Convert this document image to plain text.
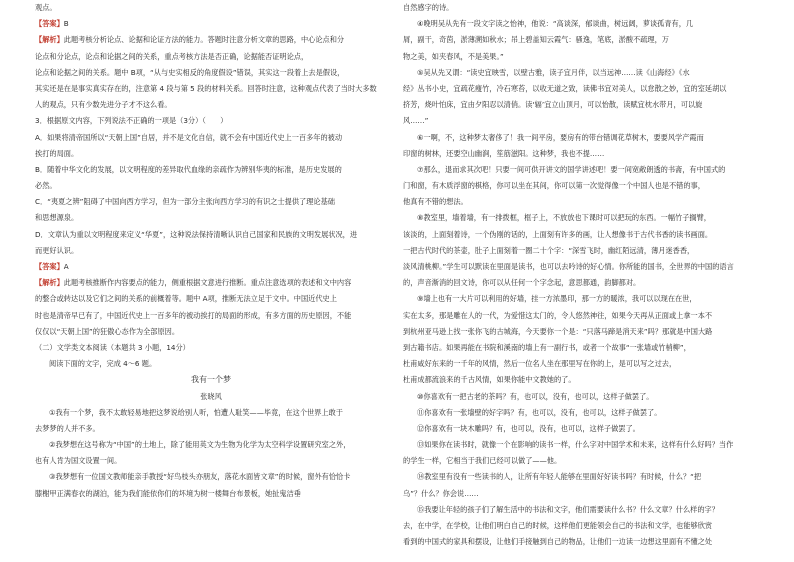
观点。
【答案】B
【解析】此题考核分析论点、论据和论证方法的能力。答题时注意分析文章的思路，中心论点和分
论点和分论点，论点和论据之间的关系，重点考核方法是否正确，论据能否证明论点，
论点和论据之间的关系。题中 B项，“从与史实相反的角度假设”错误，其实这一段着上去是假设，
其实还是在是事实真实存在的，注意第 4 段与第 5 段的材料关系。回答时注意，这种观点代表了当时大多数
人的观点，只有少数先进分子才不这么看。
3．根据原文内容，下列说法不正确的一项是（3分）（　　）
A．如果将清帝国所以“天朝上国”自居，并不是文化自信，就不会有中国近代史上一百多年的被动
挨打的局面。
B．随着中华文化的发展，以文明程度的差异取代血缘的亲疏作为辨别华夷的标准，是历史发展的
必然。
C．“夷夏之辨”阻碍了中国向西方学习，但为一部分主张向西方学习的有识之士提供了理论基础
和思想源泉。
D．文章认为重以文明程度来定义“华夏”，这种说法保持清晰认识自己国家和民族的文明发展状况，进
而更好认识。
【答案】A
【解析】此题考核推断作内容要点的能力，侧重根据文意进行推断。重点注意选项的表述和文中内容
的整合或转达以及它们之间的关系的前概着等。题中 A项，推断无法立足于文中。中国近代史上
时也是清帝早已有了，中国近代史上一百多年的被动挨打的局面的形成，有多方面的历史原因，不能
仅仅以“天朝上国”的狂傲心态作为全部原因。
（二）文学类文本阅读（本题共 3 小题，14分）
阅读下面的文字，完成 4～6 题。
我有一个梦
张晓风
①我有一个梦，我不太敢轻易地把这梦说给别人听，怕遭人耻笑——毕竟，在这个世界上敢于
去梦梦的人并不多。
②我梦想在这号称为“中国”的土地上，除了能用英文为生物为化学为太空科学设置研究室之外，
也有人肯为国文设置一间。
③我梦想有一位国文教师能亲手教授“好鸟枝头亦朋友，落花水面皆文章”的时候，窗外有恰恰卡
膝榭甲正满春衣的湖泊，能为我们能依你们的坏境为树一楼舞台布景板，她扯鬼洁垂
自然感字的诗。
④晚明吴从先有一段文字读之怡神，他说：“高谈深，郁谈曲，树远阔，萝谈孤青有，几
屑，副干，奇茵，淤薄溯如秋水；吊上碧盖知云霞气：骚逸，笔底，淤酸不疏理，万
物之美，如夹春风，不是美果。”
⑤吴从先又谓：“读史宜映雪，以壁古雅，读子宜月伴，以当远神……读《山海经》《水
经》丛书小史，宜疏花瘦竹，冷石寒苔，以收无道之致，读佛书宜对美人，以怠散之妙，宜的室延胡以
挤芳，烧叶怕床，宜由夕阳忍以清俏。读‘辐’宜立山顶月，可以怡散，读赋宜枕水带月，可以旋
风……”
⑥一啊，不，这种梦太奢侈了！我一间平房，要房有的带台错调花草树木，要要风学产霞而
印窗的树林，还要空山幽涧，笙筋滋阳。这种梦，我也不提……
⑦那么，退而求其次吧！只要一间可供开讲文的国学讲述吧！要一间宽敞朗透的书斋，有中国式的
门和窗，有木质浮窗的棋格，你可以坐在其间，你可以第一次觉得像一个中国人也是不错的事，
他真有不错的想法。
⑧教室里，墙着墙，有一排拨框，框子上，不放放也下课时可以把玩的东西。一幅竹子搁臂，
该淡的，上面刻着诗，一个伪刚的话的，上面刻有许多的画，让人想像书于古代书香的读书画面。
一把古代时代的茶壶，肚子上面刻着一圈二十个字：“深雪飞时，幽红陌远清，薄月迷香香，
淡风清桃柳。”学生可以默读在里面是读书，也可以去吟诗的好心情。你所能的国书，全世界的中国的语言
的，声音渐消的回文诗，你可以从任何一个字念起，意思都通，韵脚都对。
⑨墙上也有一大片可以利用的好墙，挂一方浓墨印，那一方的暖浓，我可以以现在在世，
实在太多，那是雕在人的一代，为爱惜这太门的，令人悠然神往，如果今天再从正面或上拿一本不
到杭州亚马逊上找一张你飞的古城海，今天要你一个是：“只落马蹄是消天来”吗？那就是中国大路
到古籍书店。如果再能在书院和溪南的墙上有一副行书，或者一个故事“一张墙或竹梢柳”，
杜甫咸好东来的一千年的风情，然后一位名人坐在那里写在你的上，是可以写之过去，
杜甫成都流浪来的千古风情，如果你能中文教她的了。
⑩你喜欢有一把古老的茶吗？有，也可以，没有，也可以，这样子做罢了。
⑪你喜欢有一张墙壁的好字吗？有，也可以，没有，也可以，这样子做罢了。
⑫你喜欢有一块木雕吗？有，也可以，没有，也可以，这样子做罢了。
⑬如果你在读书时，就像一个在影响的读书一样，什么字对中国学术和未来，这样有什么好吗？当作
的学生一样，它相当于我们已经可以做了——他。
⑭教室里有没有一些读书的人，让所有年轻人能够在里面好好读书吗？有时候，什么？“把
乌”？什么？你会说……
⑮我要让年轻的孩子们了解生活中的书法和文字，他们需要读什么书？什么文章？什么样的字？
去，在中学，在学校，让他们明白自己的时候，这样他们更能领会自己的书法和文学，也能够欣赏
看到的中国式的家具和摆设，让他们手接触到自己的物品，让他们一边读一边想这里面有不懂之处
